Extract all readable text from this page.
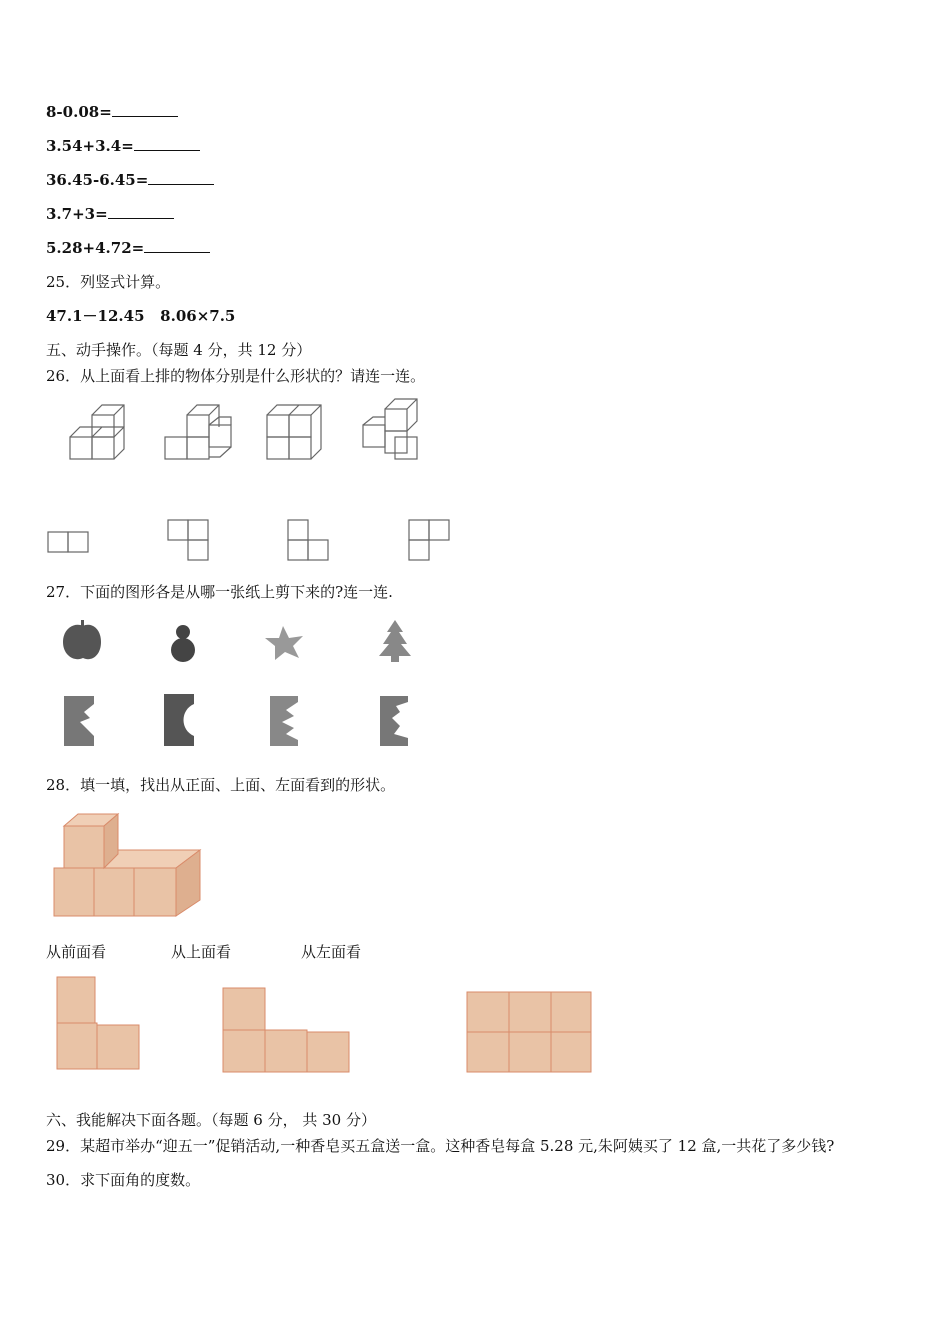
8-0.08=
3.54+3.4=
36.45-6.45=
3.7+3=
5.28+4.72=
25．列竖式计算。
47.1－12.45   8.06×7.5
五、动手操作。（每题 4 分，共 12 分）
26．从上面看上排的物体分别是什么形状的？请连一连。
27．下面的图形各是从哪一张纸上剪下来的?连一连.
28．填一填，找出从正面、上面、左面看到的形状。
从前面看	从上面看	从左面看
六、我能解决下面各题。（每题 6 分， 共 30 分）
29．某超市举办“迎五一”促销活动,一种香皂买五盒送一盒。这种香皂每盒 5.28 元,朱阿姨买了 12 盒,一共花了多少钱?
30．求下面角的度数。
